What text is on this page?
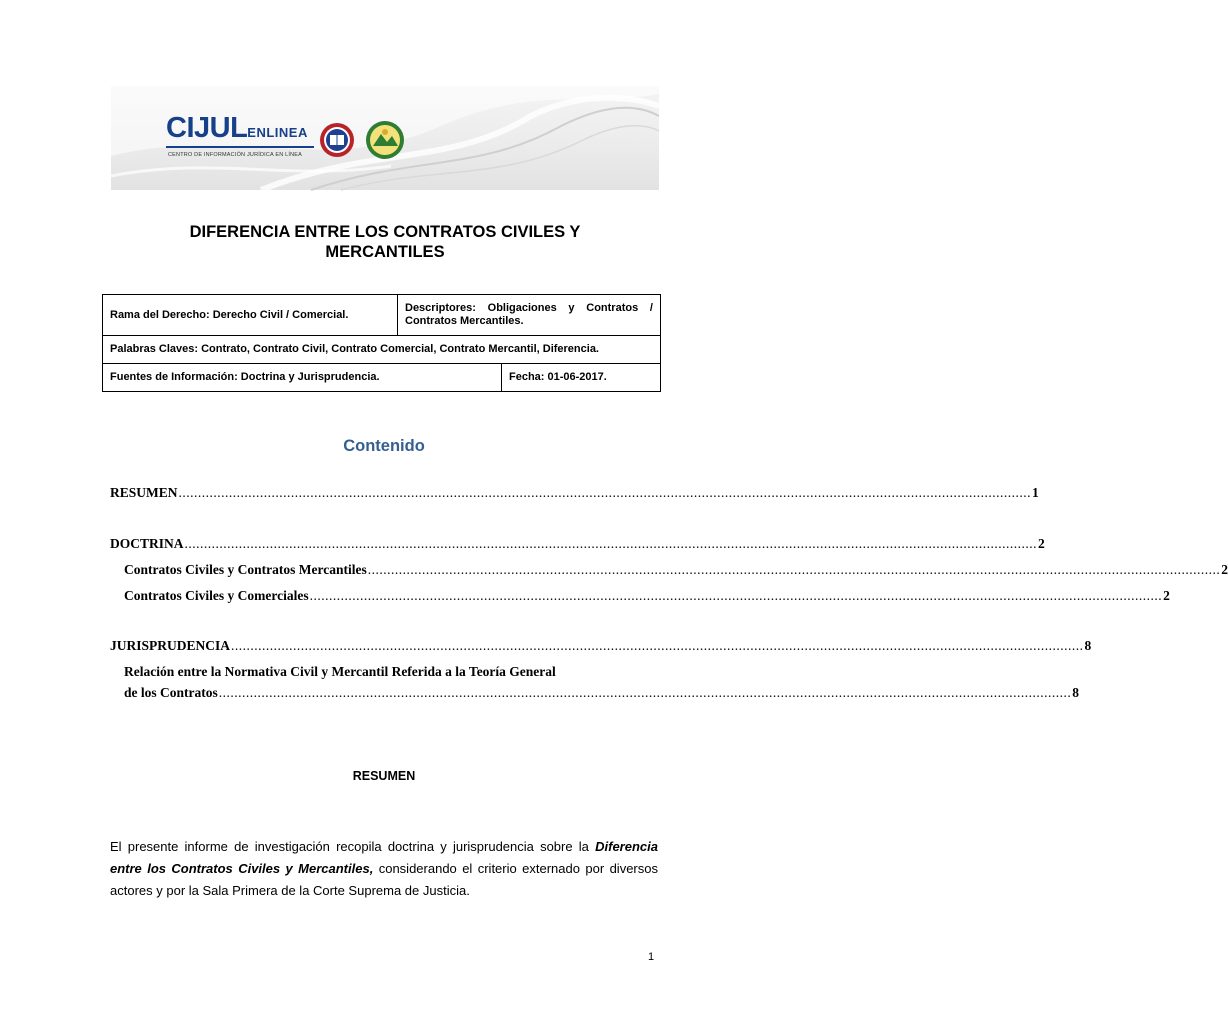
CIJULENLINEA
CENTRO DE INFORMACIÓN JURÍDICA EN LÍNEA
DIFERENCIA ENTRE LOS CONTRATOS CIVILES Y
MERCANTILES
Rama del Derecho: Derecho Civil / Comercial.	Descriptores: Obligaciones y Contratos / Contratos Mercantiles.	
Palabras Claves: Contrato, Contrato Civil, Contrato Comercial, Contrato Mercantil, Diferencia.		
Fuentes de Información: Doctrina y Jurisprudencia.		Fecha: 01-06-2017.
Contenido
RESUMEN ............................................................................................................................................................................................................................ 1
DOCTRINA ............................................................................................................................................................................................................................ 2
Contratos Civiles y Contratos Mercantiles ............................................................................................................................................................................................................................ 2
Contratos Civiles y Comerciales ............................................................................................................................................................................................................................ 2
JURISPRUDENCIA ............................................................................................................................................................................................................................ 8
Relación entre la Normativa Civil y Mercantil Referida a la Teoría General
de los Contratos ............................................................................................................................................................................................................................ 8
RESUMEN
El presente informe de investigación recopila doctrina y jurisprudencia sobre la Diferencia entre los Contratos Civiles y Mercantiles, considerando el criterio externado por diversos actores y por la Sala Primera de la Corte Suprema de Justicia.
1
